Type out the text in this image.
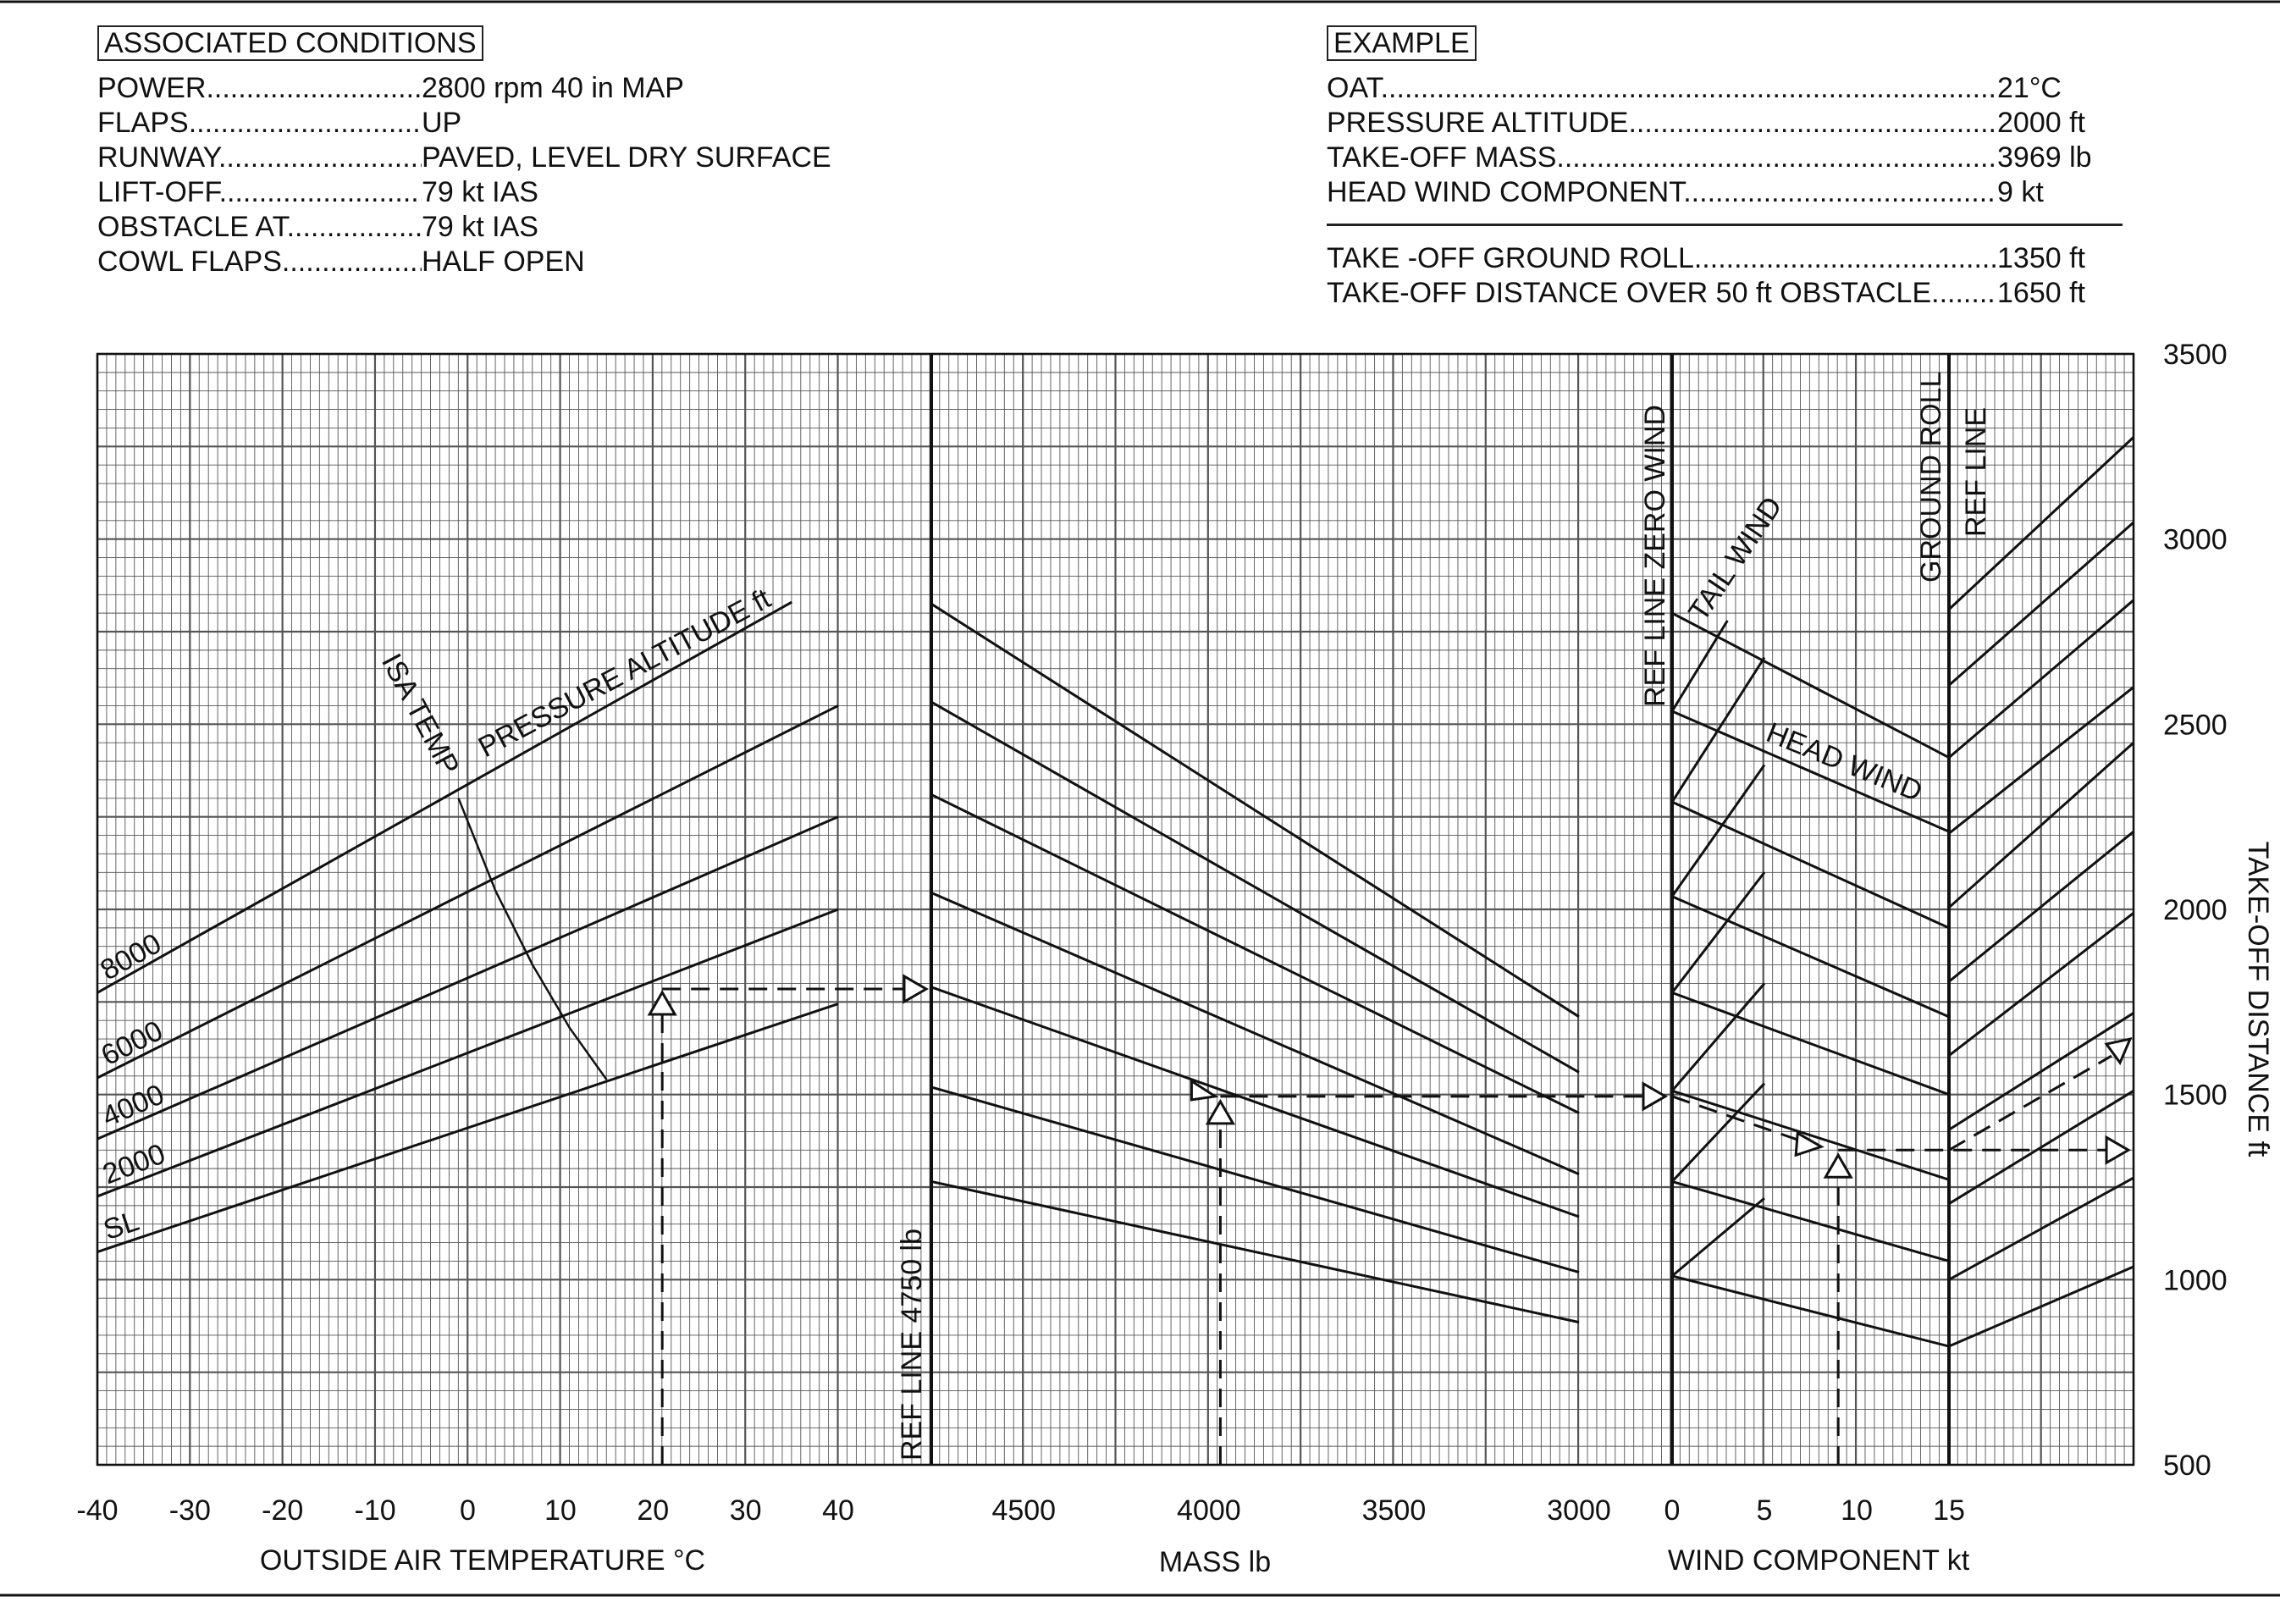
ASSOCIATED CONDITIONS
POWER .....	2800 rpm 40 in MAP
FLAPS .....	UP
RUNWAY .....	PAVED, LEVEL DRY SURFACE
LIFT-OFF .....	79 kt IAS
OBSTACLE AT .....	79 kt IAS
COWL FLAPS .....	HALF OPEN
EXAMPLE
OAT .....	21°C
PRESSURE ALTITUDE .....	2000 ft
TAKE-OFF MASS .....	3969 lb
HEAD WIND COMPONENT .....	9 kt
TAKE -OFF GROUND ROLL .....	1350 ft
TAKE-OFF DISTANCE OVER 50 ft OBSTACLE .....	1650 ft
OUTSIDE AIR TEMPERATURE °C	MASS lb	WIND COMPONENT kt
TAKE-OFF DISTANCE ft
PRESSURE ALTITUDE ft
ISA TEMP
REF LINE 4750 lb
REF LINE ZERO WIND TAIL WIND
HEAD WIND
GROUND ROLL REF LINE
500
1000
1500
2000
2500
3000
3500
-40 -30 -20 -10 0 10 20 30 40	4500	4000	3500	3000 0	5 10 15
SL
2000
4000
6000
8000
